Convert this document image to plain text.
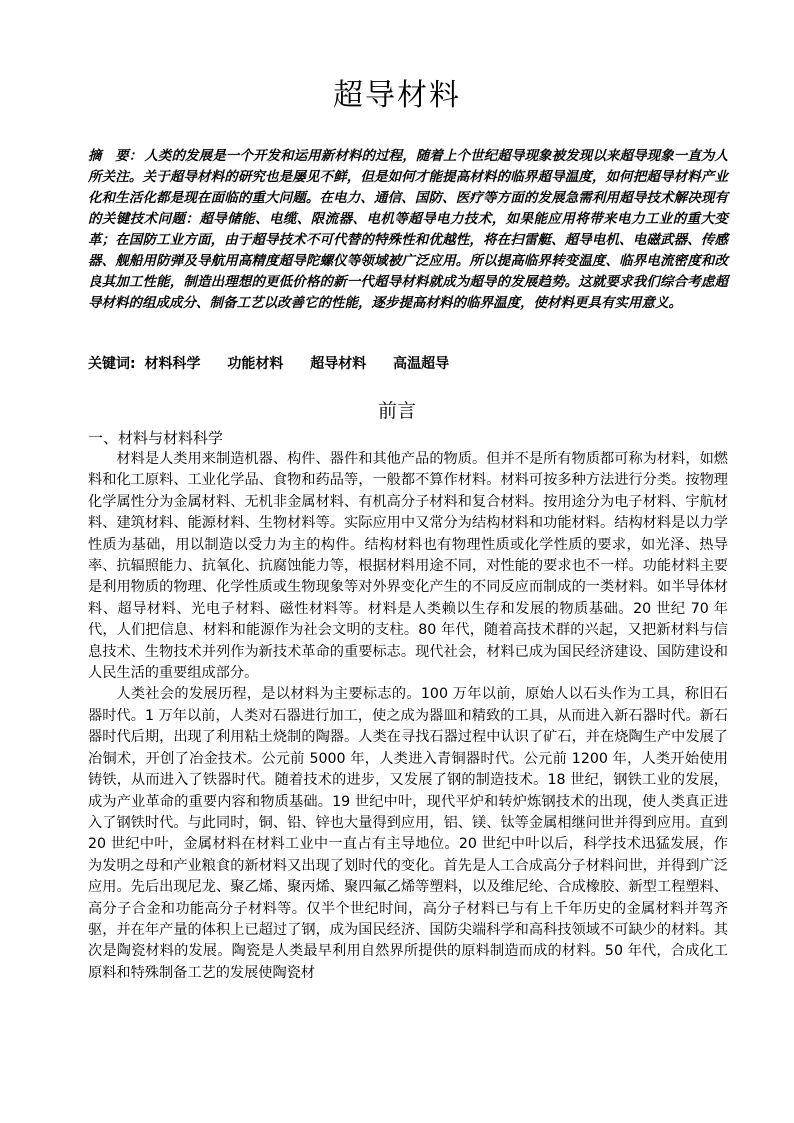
超导材料
摘　要： 人类的发展是一个开发和运用新材料的过程，随着上个世纪超导现象被发现以来超导现象一直为人所关注。关于超导材料的研究也是屡见不鲜，但是如何才能提高材料的临界超导温度，如何把超导材料产业化和生活化都是现在面临的重大问题。在电力、通信、国防、医疗等方面的发展急需利用超导技术解决现有的关键技术问题：超导储能、电缆、限流器、电机等超导电力技术，如果能应用将带来电力工业的重大变革；在国防工业方面，由于超导技术不可代替的特殊性和优越性，将在扫雷艇、超导电机、电磁武器、传感器、舰船用防弹及导航用高精度超导陀螺仪等领域被广泛应用。所以提高临界转变温度、临界电流密度和改良其加工性能，制造出理想的更低价格的新一代超导材料就成为超导的发展趋势。这就要求我们综合考虑超导材料的组成成分、制备工艺以改善它的性能，逐步提高材料的临界温度，使材料更具有实用意义。
关键词: 材料科学 功能材料 超导材料 高温超导
前言
一、材料与材料科学

材料是人类用来制造机器、构件、器件和其他产品的物质。但并不是所有物质都可称为材料，如燃料和化工原料、工业化学品、食物和药品等，一般都不算作材料。材料可按多种方法进行分类。按物理化学属性分为金属材料、无机非金属材料、有机高分子材料和复合材料。按用途分为电子材料、宇航材料、建筑材料、能源材料、生物材料等。实际应用中又常分为结构材料和功能材料。结构材料是以力学性质为基础，用以制造以受力为主的构件。结构材料也有物理性质或化学性质的要求，如光泽、热导率、抗辐照能力、抗氧化、抗腐蚀能力等，根据材料用途不同，对性能的要求也不一样。功能材料主要是利用物质的物理、化学性质或生物现象等对外界变化产生的不同反应而制成的一类材料。如半导体材料、超导材料、光电子材料、磁性材料等。材料是人类赖以生存和发展的物质基础。20 世纪 70 年代，人们把信息、材料和能源作为社会文明的支柱。80 年代，随着高技术群的兴起，又把新材料与信息技术、生物技术并列作为新技术革命的重要标志。现代社会，材料已成为国民经济建设、国防建设和人民生活的重要组成部分。

人类社会的发展历程，是以材料为主要标志的。100 万年以前，原始人以石头作为工具，称旧石器时代。1 万年以前，人类对石器进行加工，使之成为器皿和精致的工具，从而进入新石器时代。新石器时代后期，出现了利用粘土烧制的陶器。人类在寻找石器过程中认识了矿石，并在烧陶生产中发展了冶铜术，开创了冶金技术。公元前 5000 年，人类进入青铜器时代。公元前 1200 年，人类开始使用铸铁，从而进入了铁器时代。随着技术的进步，又发展了钢的制造技术。18 世纪，钢铁工业的发展，成为产业革命的重要内容和物质基础。19 世纪中叶，现代平炉和转炉炼钢技术的出现，使人类真正进入了钢铁时代。与此同时，铜、铅、锌也大量得到应用，铝、镁、钛等金属相继问世并得到应用。直到 20 世纪中叶，金属材料在材料工业中一直占有主导地位。20 世纪中叶以后，科学技术迅猛发展，作为发明之母和产业粮食的新材料又出现了划时代的变化。首先是人工合成高分子材料问世，并得到广泛应用。先后出现尼龙、聚乙烯、聚丙烯、聚四氟乙烯等塑料，以及维尼纶、合成橡胶、新型工程塑料、高分子合金和功能高分子材料等。仅半个世纪时间，高分子材料已与有上千年历史的金属材料并驾齐驱，并在年产量的体积上已超过了钢，成为国民经济、国防尖端科学和高科技领域不可缺少的材料。其次是陶瓷材料的发展。陶瓷是人类最早利用自然界所提供的原料制造而成的材料。50 年代，合成化工原料和特殊制备工艺的发展使陶瓷材
